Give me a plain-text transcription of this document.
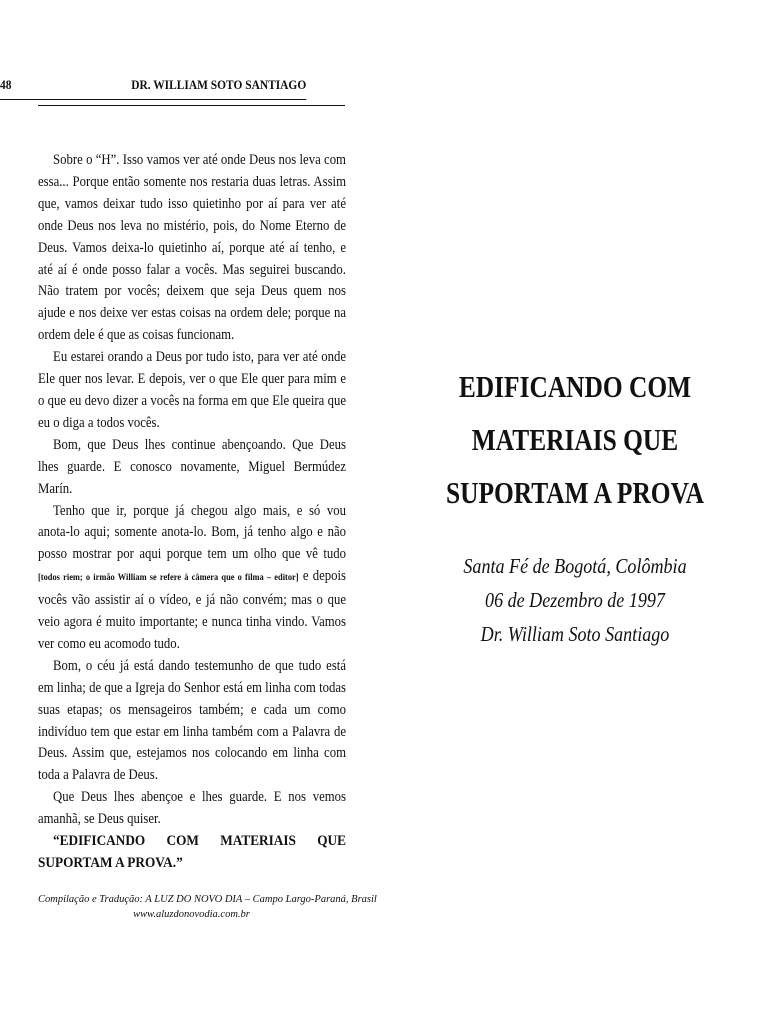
48	DR. WILLIAM SOTO SANTIAGO

Sobre o “H”. Isso vamos ver até onde Deus nos leva com essa... Porque então somente nos restaria duas letras. Assim que, vamos deixar tudo isso quietinho por aí para ver até onde Deus nos leva no mistério, pois, do Nome Eterno de Deus. Vamos deixa-lo quietinho aí, porque até aí tenho, e até aí é onde posso falar a vocês. Mas seguirei buscando. Não tratem por vocês; deixem que seja Deus quem nos ajude e nos deixe ver estas coisas na ordem dele; porque na ordem dele é que as coisas funcionam.

Eu estarei orando a Deus por tudo isto, para ver até onde Ele quer nos levar. E depois, ver o que Ele quer para mim e o que eu devo dizer a vocês na forma em que Ele queira que eu o diga a todos vocês.

Bom, que Deus lhes continue abençoando. Que Deus lhes guarde. E conosco novamente, Miguel Bermúdez Marín.

Tenho que ir, porque já chegou algo mais, e só vou anota-lo aqui; somente anota-lo. Bom, já tenho algo e não posso mostrar por aqui porque tem um olho que vê tudo [todos riem; o irmão William se refere à câmera que o filma – editor] e depois vocês vão assistir aí o vídeo, e já não convém; mas o que veio agora é muito importante; e nunca tinha vindo. Vamos ver como eu acomodo tudo.

Bom, o céu já está dando testemunho de que tudo está em linha; de que a Igreja do Senhor está em linha com todas suas etapas; os mensageiros também; e cada um como indivíduo tem que estar em linha também com a Palavra de Deus. Assim que, estejamos nos colocando em linha com toda a Palavra de Deus.

Que Deus lhes abençoe e lhes guarde. E nos vemos amanhã, se Deus quiser.

“EDIFICANDO COM MATERIAIS QUE SUPORTAM A PROVA.”

Compilação e Tradução: A LUZ DO NOVO DIA – Campo Largo-Paraná, Brasil
www.aluzdonovodia.com.br
EDIFICANDO COM
MATERIAIS QUE
SUPORTAM A PROVA
Santa Fé de Bogotá, Colômbia
06 de Dezembro de 1997
Dr. William Soto Santiago
